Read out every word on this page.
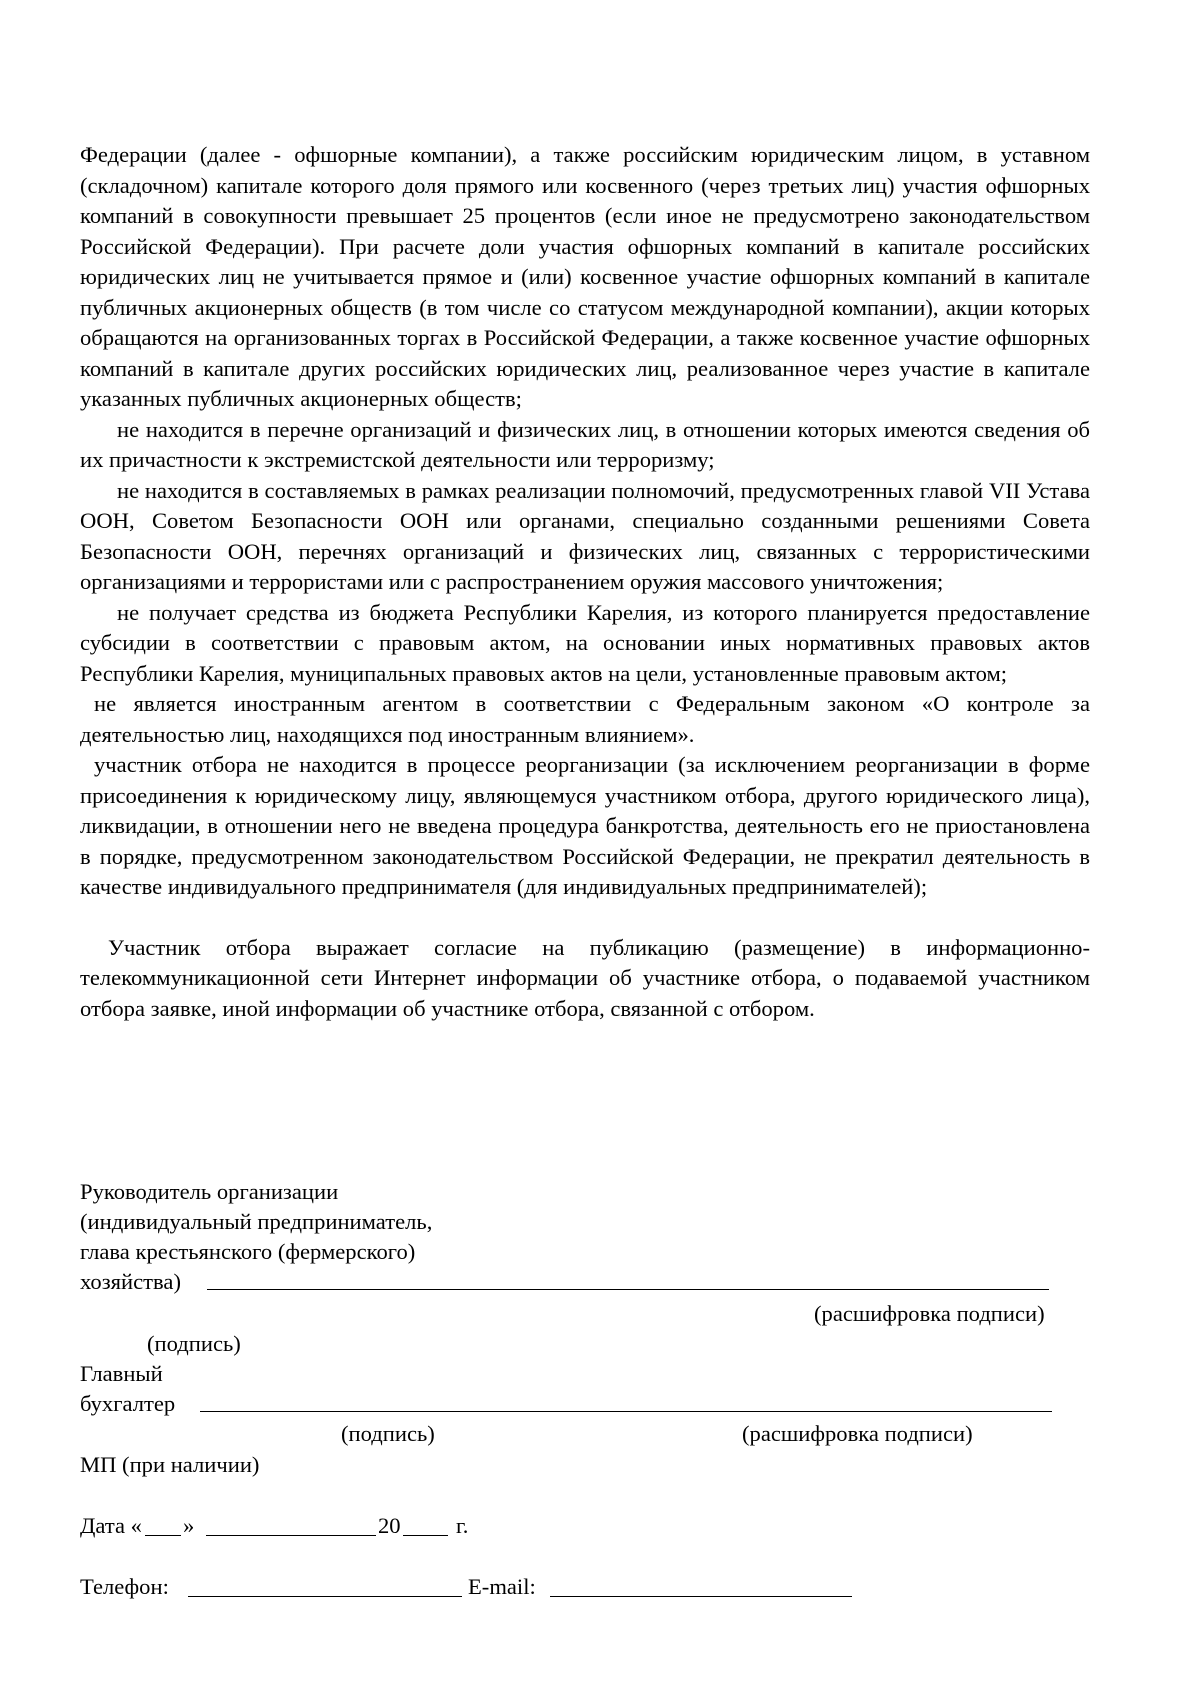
Федерации (далее - офшорные компании), а также российским юридическим лицом, в уставном (складочном) капитале которого доля прямого или косвенного (через третьих лиц) участия офшорных компаний в совокупности превышает 25 процентов (если иное не предусмотрено законодательством Российской Федерации). При расчете доли участия офшорных компаний в капитале российских юридических лиц не учитывается прямое и (или) косвенное участие офшорных компаний в капитале публичных акционерных обществ (в том числе со статусом международной компании), акции которых обращаются на организованных торгах в Российской Федерации, а также косвенное участие офшорных компаний в капитале других российских юридических лиц, реализованное через участие в капитале указанных публичных акционерных обществ;

не находится в перечне организаций и физических лиц, в отношении которых имеются сведения об их причастности к экстремистской деятельности или терроризму;

не находится в составляемых в рамках реализации полномочий, предусмотренных главой VII Устава ООН, Советом Безопасности ООН или органами, специально созданными решениями Совета Безопасности ООН, перечнях организаций и физических лиц, связанных с террористическими организациями и террористами или с распространением оружия массового уничтожения;

не получает средства из бюджета Республики Карелия, из которого планируется предоставление субсидии в соответствии с правовым актом, на основании иных нормативных правовых актов Республики Карелия, муниципальных правовых актов на цели, установленные правовым актом;

не является иностранным агентом в соответствии с Федеральным законом «О контроле за деятельностью лиц, находящихся под иностранным влиянием».

участник отбора не находится в процессе реорганизации (за исключением реорганизации в форме присоединения к юридическому лицу, являющемуся участником отбора, другого юридического лица), ликвидации, в отношении него не введена процедура банкротства, деятельность его не приостановлена в порядке, предусмотренном законодательством Российской Федерации, не прекратил деятельность в качестве индивидуального предпринимателя (для индивидуальных предпринимателей);

Участник отбора выражает согласие на публикацию (размещение) в информационно-телекоммуникационной сети Интернет информации об участнике отбора, о подаваемой участником отбора заявке, иной информации об участнике отбора, связанной с отбором.

Руководитель организации
(индивидуальный предприниматель,
глава крестьянского (фермерского)
хозяйства)
(расшифровка подписи)
(подпись)
Главный
бухгалтер
(подпись)	(расшифровка подписи)
МП (при наличии)
Дата « »	20 г.
Телефон:	E-mail:
